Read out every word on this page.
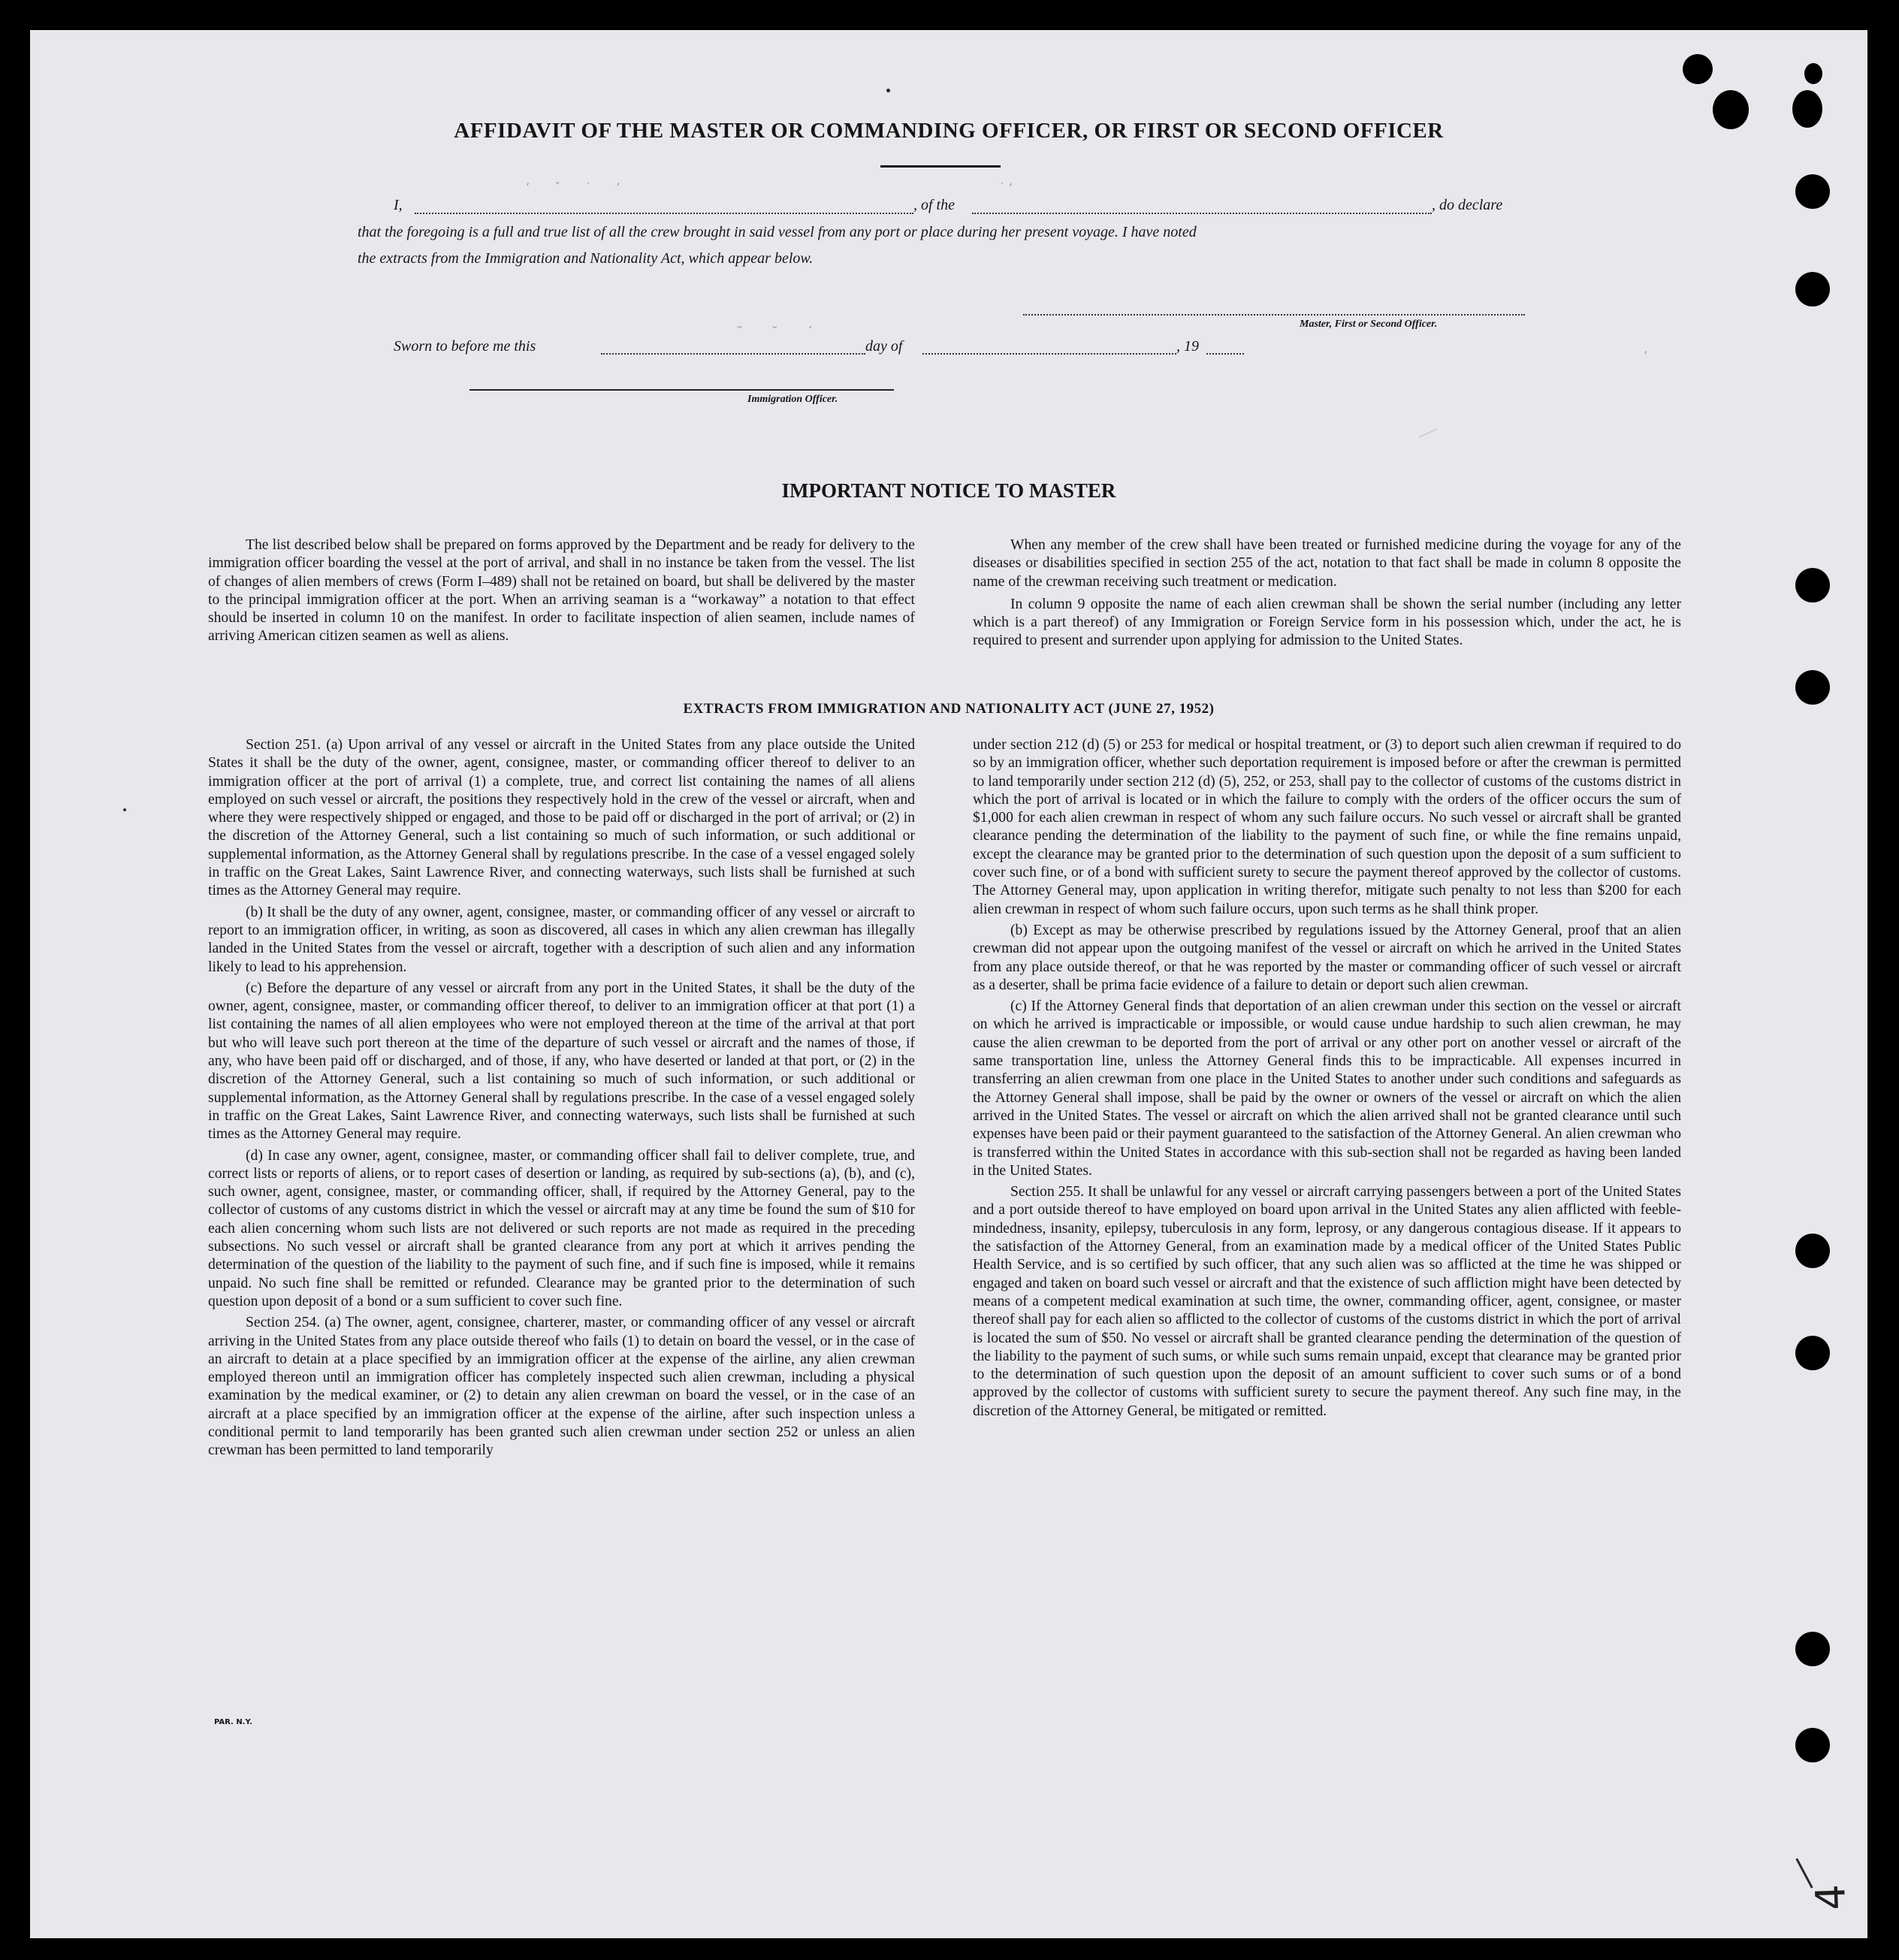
AFFIDAVIT OF THE MASTER OR COMMANDING OFFICER, OR FIRST OR SECOND OFFICER
I,	, of the	, do declare
that the foregoing is a full and true list of all the crew brought in said vessel from any port or place during her present voyage. I have noted
the extracts from the Immigration and Nationality Act, which appear below.
Master, First or Second Officer.
Sworn to before me this	day of	, 19
Immigration Officer.
’ ˇ ˙ ’	˙ ‘
˜ ˘ ˊ
’
IMPORTANT NOTICE TO MASTER

The list described below shall be prepared on forms approved by the Department and be ready for delivery to the immigration officer boarding the vessel at the port of arrival, and shall in no instance be taken from the vessel. The list of changes of alien members of crews (Form I–489) shall not be retained on board, but shall be delivered by the master to the principal immigration officer at the port. When an arriving seaman is a “workaway” a notation to that effect should be inserted in column 10 on the manifest. In order to facilitate inspection of alien seamen, include names of arriving American citizen seamen as well as aliens.

When any member of the crew shall have been treated or furnished medicine during the voyage for any of the diseases or disabilities specified in section 255 of the act, notation to that fact shall be made in column 8 opposite the name of the crewman receiving such treatment or medication.

In column 9 opposite the name of each alien crewman shall be shown the serial number (including any letter which is a part thereof) of any Immigration or Foreign Service form in his possession which, under the act, he is required to present and surrender upon applying for admission to the United States.

EXTRACTS FROM IMMIGRATION AND NATIONALITY ACT (JUNE 27, 1952)

Section 251. (a) Upon arrival of any vessel or aircraft in the United States from any place outside the United States it shall be the duty of the owner, agent, consignee, master, or commanding officer thereof to deliver to an immigration officer at the port of arrival (1) a complete, true, and correct list containing the names of all aliens employed on such vessel or aircraft, the positions they respectively hold in the crew of the vessel or aircraft, when and where they were respectively shipped or engaged, and those to be paid off or discharged in the port of arrival; or (2) in the discretion of the Attorney General, such a list containing so much of such information, or such additional or supplemental information, as the Attorney General shall by regulations prescribe. In the case of a vessel engaged solely in traffic on the Great Lakes, Saint Lawrence River, and connecting waterways, such lists shall be furnished at such times as the Attorney General may require.

(b) It shall be the duty of any owner, agent, consignee, master, or commanding officer of any vessel or aircraft to report to an immigration officer, in writing, as soon as discovered, all cases in which any alien crewman has illegally landed in the United States from the vessel or aircraft, together with a description of such alien and any information likely to lead to his apprehension.

(c) Before the departure of any vessel or aircraft from any port in the United States, it shall be the duty of the owner, agent, consignee, master, or commanding officer thereof, to deliver to an immigration officer at that port (1) a list containing the names of all alien employees who were not employed thereon at the time of the arrival at that port but who will leave such port thereon at the time of the departure of such vessel or aircraft and the names of those, if any, who have been paid off or discharged, and of those, if any, who have deserted or landed at that port, or (2) in the discretion of the Attorney General, such a list containing so much of such information, or such additional or supplemental information, as the Attorney General shall by regulations prescribe. In the case of a vessel engaged solely in traffic on the Great Lakes, Saint Lawrence River, and connecting waterways, such lists shall be furnished at such times as the Attorney General may require.

(d) In case any owner, agent, consignee, master, or commanding officer shall fail to deliver complete, true, and correct lists or reports of aliens, or to report cases of desertion or landing, as required by sub-sections (a), (b), and (c), such owner, agent, consignee, master, or commanding officer, shall, if required by the Attorney General, pay to the collector of customs of any customs district in which the vessel or aircraft may at any time be found the sum of $10 for each alien concerning whom such lists are not delivered or such reports are not made as required in the preceding subsections. No such vessel or aircraft shall be granted clearance from any port at which it arrives pending the determination of the question of the liability to the payment of such fine, and if such fine is imposed, while it remains unpaid. No such fine shall be remitted or refunded. Clearance may be granted prior to the determination of such question upon deposit of a bond or a sum sufficient to cover such fine.

Section 254. (a) The owner, agent, consignee, charterer, master, or commanding officer of any vessel or aircraft arriving in the United States from any place outside thereof who fails (1) to detain on board the vessel, or in the case of an aircraft to detain at a place specified by an immigration officer at the expense of the airline, any alien crewman employed thereon until an immigration officer has completely inspected such alien crewman, including a physical examination by the medical examiner, or (2) to detain any alien crewman on board the vessel, or in the case of an aircraft at a place specified by an immigration officer at the expense of the airline, after such inspection unless a conditional permit to land temporarily has been granted such alien crewman under section 252 or unless an alien crewman has been permitted to land temporarily

under section 212 (d) (5) or 253 for medical or hospital treatment, or (3) to deport such alien crewman if required to do so by an immigration officer, whether such deportation requirement is imposed before or after the crewman is permitted to land temporarily under section 212 (d) (5), 252, or 253, shall pay to the collector of customs of the customs district in which the port of arrival is located or in which the failure to comply with the orders of the officer occurs the sum of $1,000 for each alien crewman in respect of whom any such failure occurs. No such vessel or aircraft shall be granted clearance pending the determination of the liability to the payment of such fine, or while the fine remains unpaid, except the clearance may be granted prior to the determination of such question upon the deposit of a sum sufficient to cover such fine, or of a bond with sufficient surety to secure the payment thereof approved by the collector of customs. The Attorney General may, upon application in writing therefor, mitigate such penalty to not less than $200 for each alien crewman in respect of whom such failure occurs, upon such terms as he shall think proper.

(b) Except as may be otherwise prescribed by regulations issued by the Attorney General, proof that an alien crewman did not appear upon the outgoing manifest of the vessel or aircraft on which he arrived in the United States from any place outside thereof, or that he was reported by the master or commanding officer of such vessel or aircraft as a deserter, shall be prima facie evidence of a failure to detain or deport such alien crewman.

(c) If the Attorney General finds that deportation of an alien crewman under this section on the vessel or aircraft on which he arrived is impracticable or impossible, or would cause undue hardship to such alien crewman, he may cause the alien crewman to be deported from the port of arrival or any other port on another vessel or aircraft of the same transportation line, unless the Attorney General finds this to be impracticable. All expenses incurred in transferring an alien crewman from one place in the United States to another under such conditions and safeguards as the Attorney General shall impose, shall be paid by the owner or owners of the vessel or aircraft on which the alien arrived in the United States. The vessel or aircraft on which the alien arrived shall not be granted clearance until such expenses have been paid or their payment guaranteed to the satisfaction of the Attorney General. An alien crewman who is transferred within the United States in accordance with this sub-section shall not be regarded as having been landed in the United States.

Section 255. It shall be unlawful for any vessel or aircraft carrying passengers between a port of the United States and a port outside thereof to have employed on board upon arrival in the United States any alien afflicted with feeble-mindedness, insanity, epilepsy, tuberculosis in any form, leprosy, or any dangerous contagious disease. If it appears to the satisfaction of the Attorney General, from an examination made by a medical officer of the United States Public Health Service, and is so certified by such officer, that any such alien was so afflicted at the time he was shipped or engaged and taken on board such vessel or aircraft and that the existence of such affliction might have been detected by means of a competent medical examination at such time, the owner, commanding officer, agent, consignee, or master thereof shall pay for each alien so afflicted to the collector of customs of the customs district in which the port of arrival is located the sum of $50. No vessel or aircraft shall be granted clearance pending the determination of the question of the liability to the payment of such sums, or while such sums remain unpaid, except that clearance may be granted prior to the determination of such question upon the deposit of an amount sufficient to cover such sums or of a bond approved by the collector of customs with sufficient surety to secure the payment thereof. Any such fine may, in the discretion of the Attorney General, be mitigated or remitted.

PAR. N.Y.
4
